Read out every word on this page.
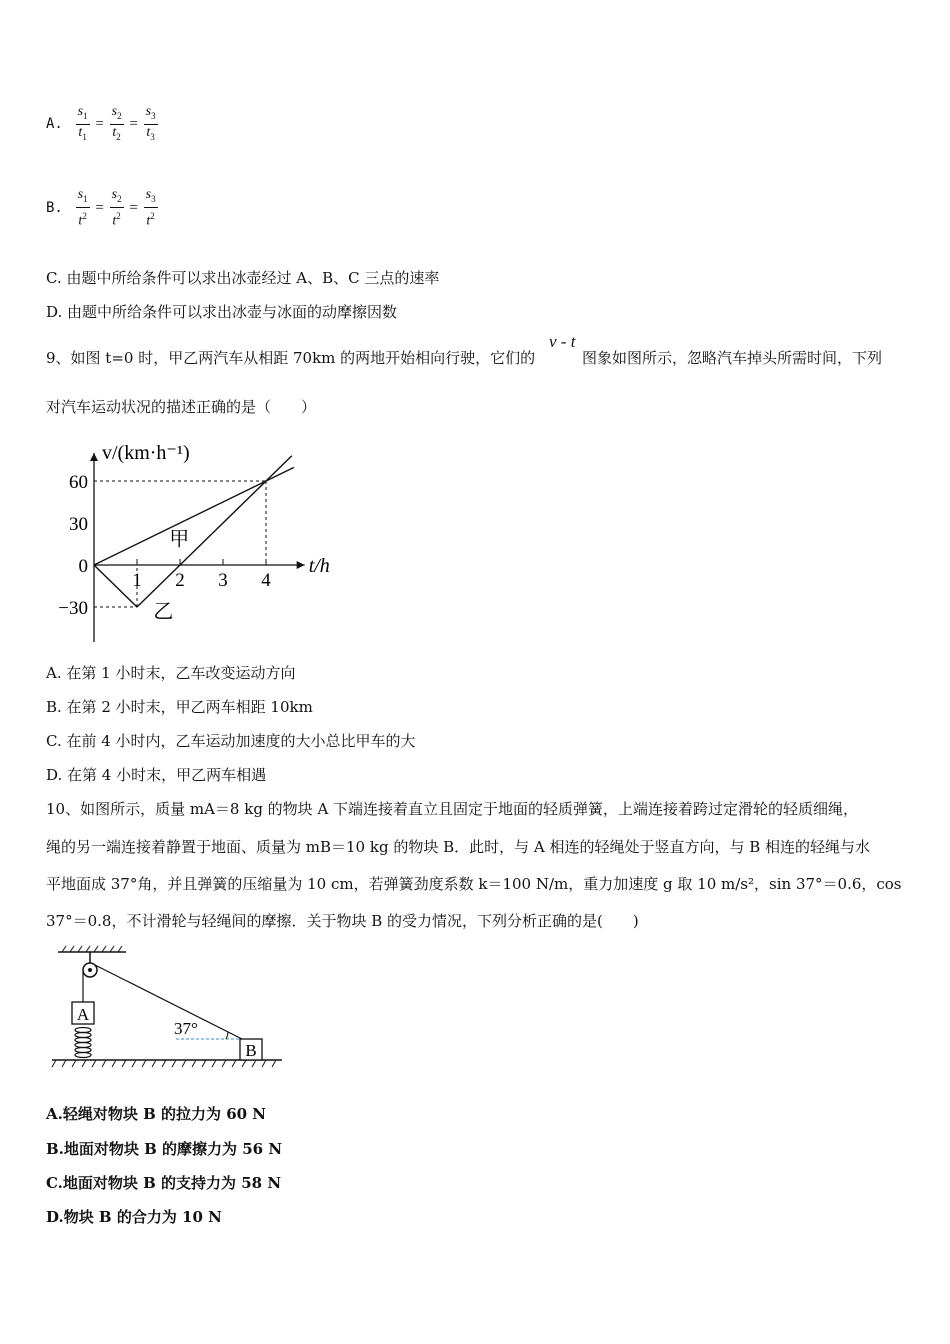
A. $\frac{s_1}{t_1} = \frac{s_2}{t_2} = \frac{s_3}{t_3}$
B. $\frac{s_1}{t^2} = \frac{s_2}{t^2} = \frac{s_3}{t^2}$
C. 由题中所给条件可以求出冰壶经过 A、B、C 三点的速率
D. 由题中所给条件可以求出冰壶与冰面的动摩擦因数
9、如图 t=0 时，甲乙两汽车从相距 70km 的两地开始相向行驶，它们的
v - t
图象如图所示，忽略汽车掉头所需时间，下列
对汽车运动状况的描述正确的是（　　）
v/(km·h⁻¹)
t/h
1 2 3 4
60
30
0
−30
甲
乙
A. 在第 1 小时末，乙车改变运动方向
B. 在第 2 小时末，甲乙两车相距 10km
C. 在前 4 小时内，乙车运动加速度的大小总比甲车的大
D. 在第 4 小时末，甲乙两车相遇
10、如图所示，质量 mA＝8 kg 的物块 A 下端连接着直立且固定于地面的轻质弹簧，上端连接着跨过定滑轮的轻质细绳，
绳的另一端连接着静置于地面、质量为 mB＝10 kg 的物块 B．此时，与 A 相连的轻绳处于竖直方向，与 B 相连的轻绳与水
平地面成 37°角，并且弹簧的压缩量为 10 cm，若弹簧劲度系数 k＝100 N/m，重力加速度 g 取 10 m/s²，sin 37°＝0.6，cos
37°＝0.8，不计滑轮与轻绳间的摩擦．关于物块 B 的受力情况，下列分析正确的是(　　)
A
37°
B
A.轻绳对物块 B 的拉力为 60 N
B.地面对物块 B 的摩擦力为 56 N
C.地面对物块 B 的支持力为 58 N
D.物块 B 的合力为 10 N
